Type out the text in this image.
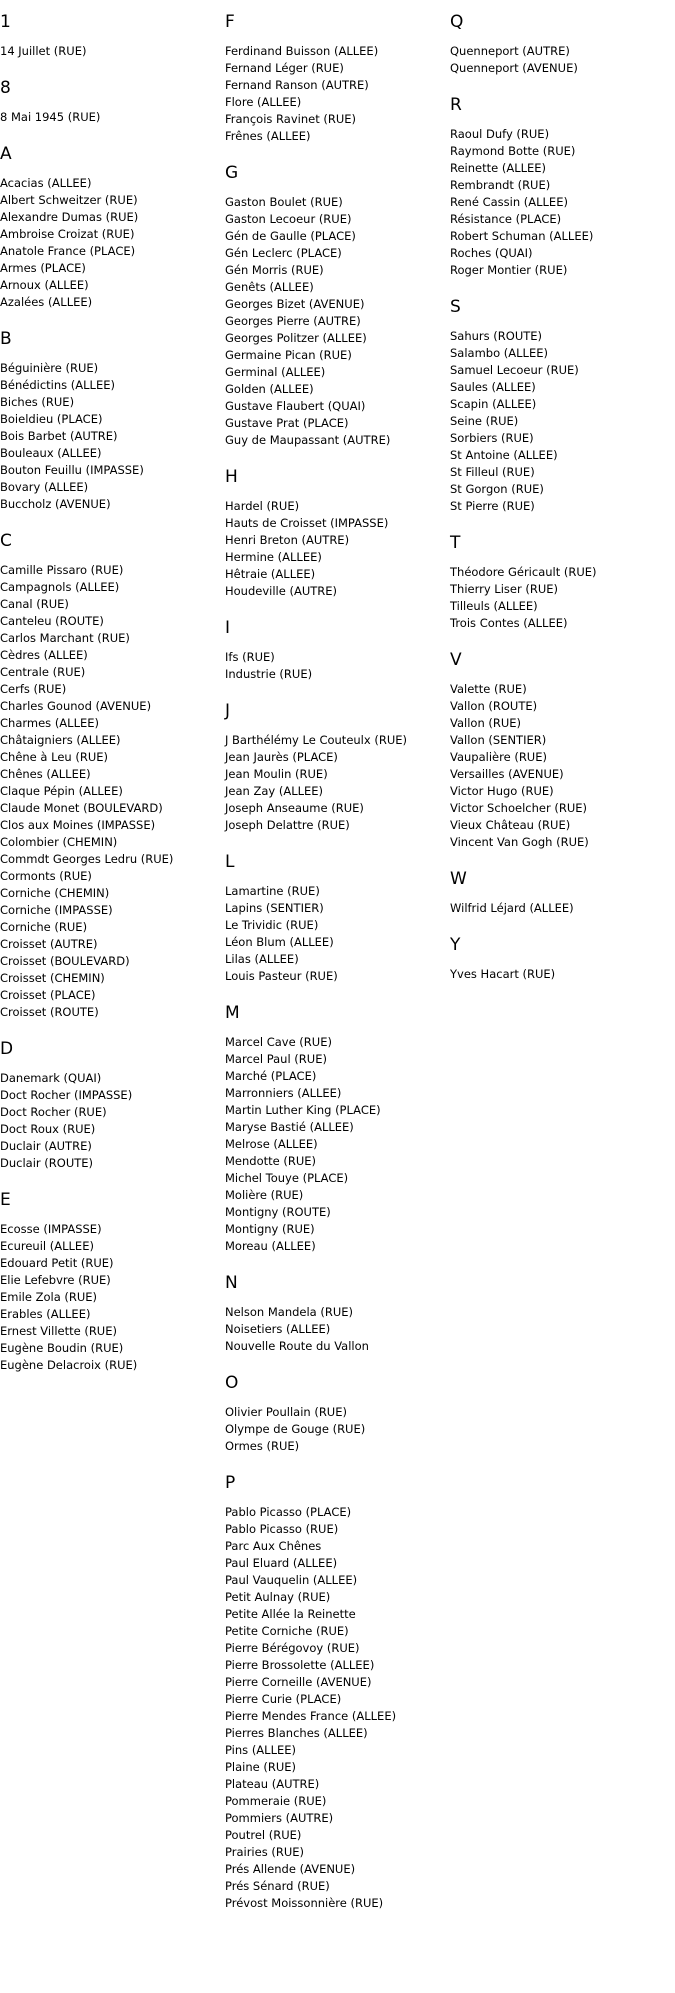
1
14 Juillet (RUE)
8
8 Mai 1945 (RUE)
A
Acacias (ALLEE)
Albert Schweitzer (RUE)
Alexandre Dumas (RUE)
Ambroise Croizat (RUE)
Anatole France (PLACE)
Armes (PLACE)
Arnoux (ALLEE)
Azalées (ALLEE)
B
Béguinière (RUE)
Bénédictins (ALLEE)
Biches (RUE)
Boieldieu (PLACE)
Bois Barbet (AUTRE)
Bouleaux (ALLEE)
Bouton Feuillu (IMPASSE)
Bovary (ALLEE)
Buccholz (AVENUE)
C
Camille Pissaro (RUE)
Campagnols (ALLEE)
Canal (RUE)
Canteleu (ROUTE)
Carlos Marchant (RUE)
Cèdres (ALLEE)
Centrale (RUE)
Cerfs (RUE)
Charles Gounod (AVENUE)
Charmes (ALLEE)
Châtaigniers (ALLEE)
Chêne à Leu (RUE)
Chênes (ALLEE)
Claque Pépin (ALLEE)
Claude Monet (BOULEVARD)
Clos aux Moines (IMPASSE)
Colombier (CHEMIN)
Commdt Georges Ledru (RUE)
Cormonts (RUE)
Corniche (CHEMIN)
Corniche (IMPASSE)
Corniche (RUE)
Croisset (AUTRE)
Croisset (BOULEVARD)
Croisset (CHEMIN)
Croisset (PLACE)
Croisset (ROUTE)
D
Danemark (QUAI)
Doct Rocher (IMPASSE)
Doct Rocher (RUE)
Doct Roux (RUE)
Duclair (AUTRE)
Duclair (ROUTE)
E
Ecosse (IMPASSE)
Ecureuil (ALLEE)
Edouard Petit (RUE)
Elie Lefebvre (RUE)
Emile Zola (RUE)
Erables (ALLEE)
Ernest Villette (RUE)
Eugène Boudin (RUE)
Eugène Delacroix (RUE)
F
Ferdinand Buisson (ALLEE)
Fernand Léger (RUE)
Fernand Ranson (AUTRE)
Flore (ALLEE)
François Ravinet (RUE)
Frênes (ALLEE)
G
Gaston Boulet (RUE)
Gaston Lecoeur (RUE)
Gén de Gaulle (PLACE)
Gén Leclerc (PLACE)
Gén Morris (RUE)
Genêts (ALLEE)
Georges Bizet (AVENUE)
Georges Pierre (AUTRE)
Georges Politzer (ALLEE)
Germaine Pican (RUE)
Germinal (ALLEE)
Golden (ALLEE)
Gustave Flaubert (QUAI)
Gustave Prat (PLACE)
Guy de Maupassant (AUTRE)
H
Hardel (RUE)
Hauts de Croisset (IMPASSE)
Henri Breton (AUTRE)
Hermine (ALLEE)
Hêtraie (ALLEE)
Houdeville (AUTRE)
I
Ifs (RUE)
Industrie (RUE)
J
J Barthélémy Le Couteulx (RUE)
Jean Jaurès (PLACE)
Jean Moulin (RUE)
Jean Zay (ALLEE)
Joseph Anseaume (RUE)
Joseph Delattre (RUE)
L
Lamartine (RUE)
Lapins (SENTIER)
Le Trividic (RUE)
Léon Blum (ALLEE)
Lilas (ALLEE)
Louis Pasteur (RUE)
M
Marcel Cave (RUE)
Marcel Paul (RUE)
Marché (PLACE)
Marronniers (ALLEE)
Martin Luther King (PLACE)
Maryse Bastié (ALLEE)
Melrose (ALLEE)
Mendotte (RUE)
Michel Touye (PLACE)
Molière (RUE)
Montigny (ROUTE)
Montigny (RUE)
Moreau (ALLEE)
N
Nelson Mandela (RUE)
Noisetiers (ALLEE)
Nouvelle Route du Vallon
O
Olivier Poullain (RUE)
Olympe de Gouge (RUE)
Ormes (RUE)
P
Pablo Picasso (PLACE)
Pablo Picasso (RUE)
Parc Aux Chênes
Paul Eluard (ALLEE)
Paul Vauquelin (ALLEE)
Petit Aulnay (RUE)
Petite Allée la Reinette
Petite Corniche (RUE)
Pierre Bérégovoy (RUE)
Pierre Brossolette (ALLEE)
Pierre Corneille (AVENUE)
Pierre Curie (PLACE)
Pierre Mendes France (ALLEE)
Pierres Blanches (ALLEE)
Pins (ALLEE)
Plaine (RUE)
Plateau (AUTRE)
Pommeraie (RUE)
Pommiers (AUTRE)
Poutrel (RUE)
Prairies (RUE)
Prés Allende (AVENUE)
Prés Sénard (RUE)
Prévost Moissonnière (RUE)
Q
Quenneport (AUTRE)
Quenneport (AVENUE)
R
Raoul Dufy (RUE)
Raymond Botte (RUE)
Reinette (ALLEE)
Rembrandt (RUE)
René Cassin (ALLEE)
Résistance (PLACE)
Robert Schuman (ALLEE)
Roches (QUAI)
Roger Montier (RUE)
S
Sahurs (ROUTE)
Salambo (ALLEE)
Samuel Lecoeur (RUE)
Saules (ALLEE)
Scapin (ALLEE)
Seine (RUE)
Sorbiers (RUE)
St Antoine (ALLEE)
St Filleul (RUE)
St Gorgon (RUE)
St Pierre (RUE)
T
Théodore Géricault (RUE)
Thierry Liser (RUE)
Tilleuls (ALLEE)
Trois Contes (ALLEE)
V
Valette (RUE)
Vallon (ROUTE)
Vallon (RUE)
Vallon (SENTIER)
Vaupalière (RUE)
Versailles (AVENUE)
Victor Hugo (RUE)
Victor Schoelcher (RUE)
Vieux Château (RUE)
Vincent Van Gogh (RUE)
W
Wilfrid Léjard (ALLEE)
Y
Yves Hacart (RUE)
